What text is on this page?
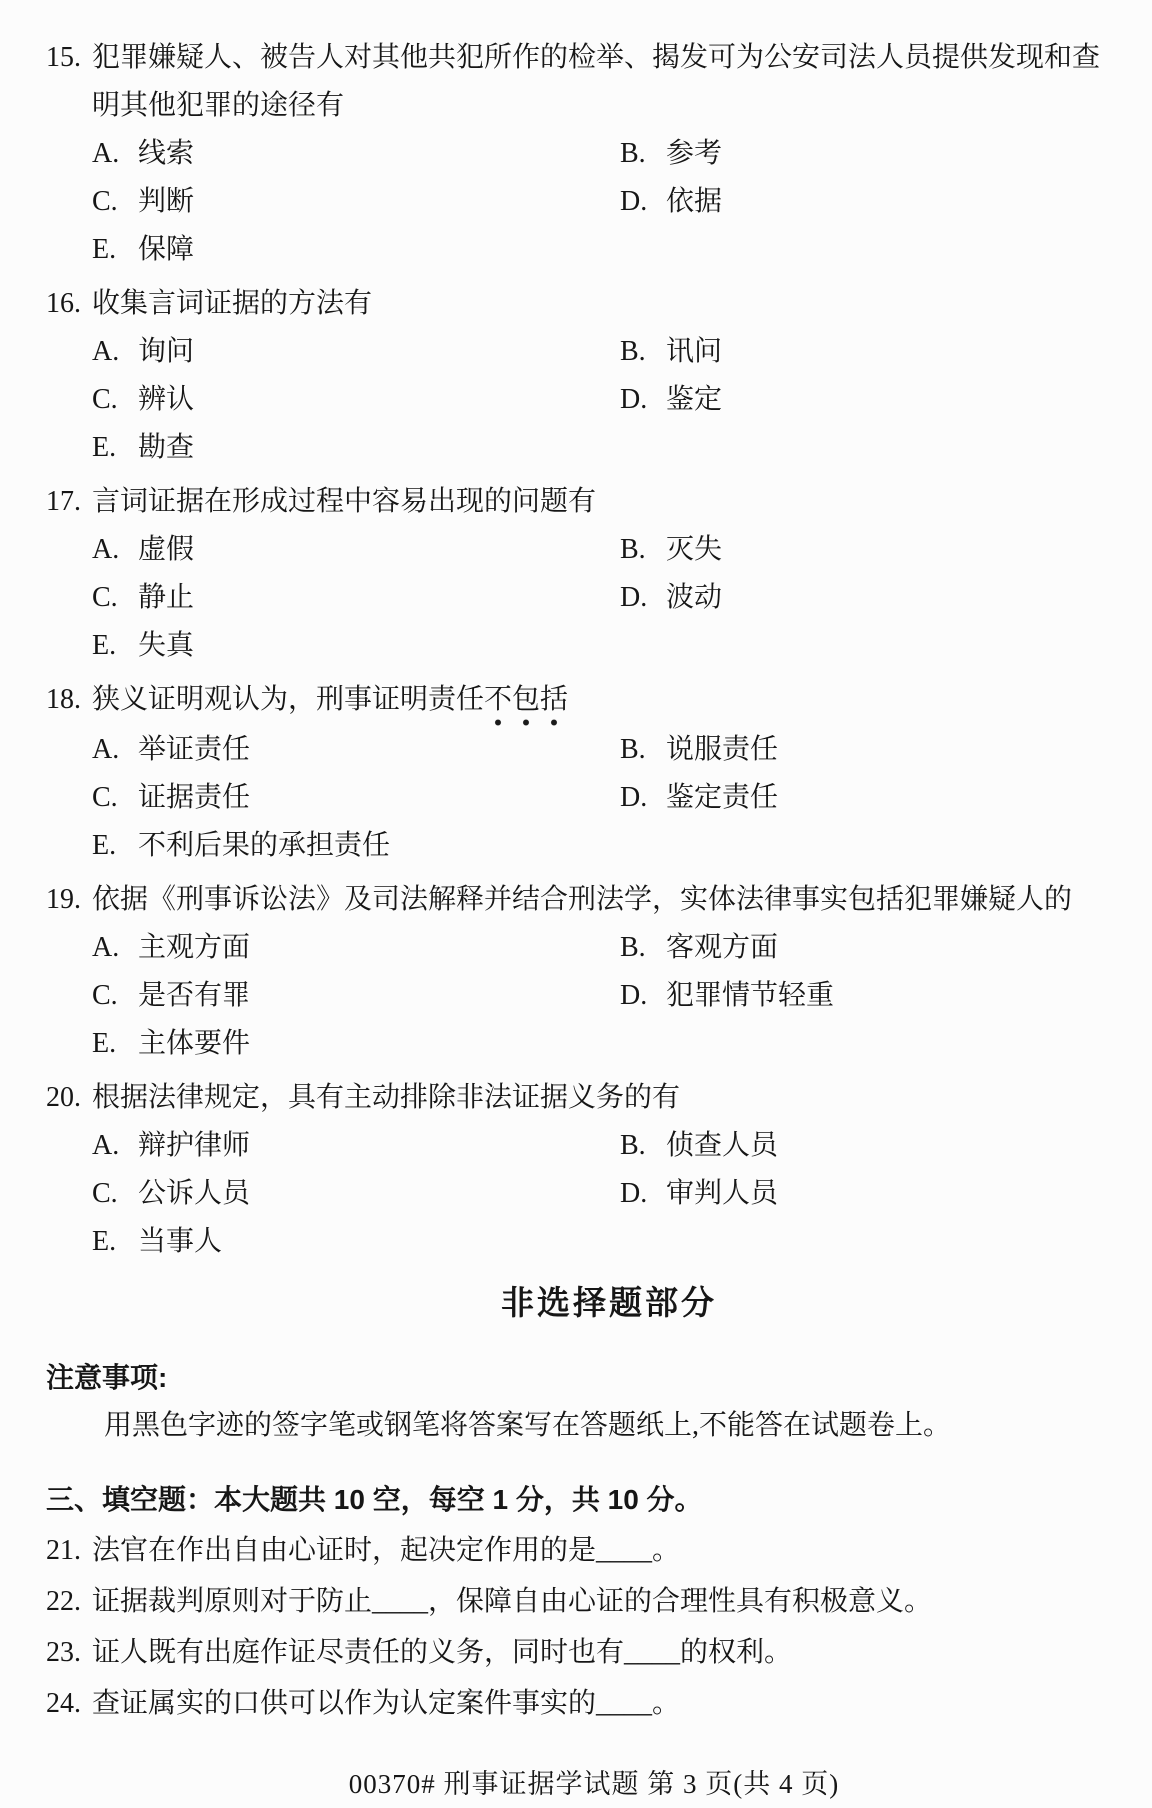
15. 犯罪嫌疑人、被告人对其他共犯所作的检举、揭发可为公安司法人员提供发现和查明其他犯罪的途径有
A. 线索	B. 参考
C. 判断	D. 依据
E. 保障
16. 收集言词证据的方法有
A. 询问	B. 讯问
C. 辨认	D. 鉴定
E. 勘查
17. 言词证据在形成过程中容易出现的问题有
A. 虚假	B. 灭失
C. 静止	D. 波动
E. 失真
18. 狭义证明观认为，刑事证明责任不包括
A. 举证责任	B. 说服责任
C. 证据责任	D. 鉴定责任
E. 不利后果的承担责任
19. 依据《刑事诉讼法》及司法解释并结合刑法学，实体法律事实包括犯罪嫌疑人的
A. 主观方面	B. 客观方面
C. 是否有罪	D. 犯罪情节轻重
E. 主体要件
20. 根据法律规定，具有主动排除非法证据义务的有
A. 辩护律师	B. 侦查人员
C. 公诉人员	D. 审判人员
E. 当事人
非选择题部分
注意事项:
用黑色字迹的签字笔或钢笔将答案写在答题纸上,不能答在试题卷上。
三、填空题：本大题共 10 空，每空 1 分，共 10 分。
21. 法官在作出自由心证时，起决定作用的是____。
22. 证据裁判原则对于防止____，保障自由心证的合理性具有积极意义。
23. 证人既有出庭作证尽责任的义务，同时也有____的权利。
24. 查证属实的口供可以作为认定案件事实的____。
00370# 刑事证据学试题 第 3 页(共 4 页)
